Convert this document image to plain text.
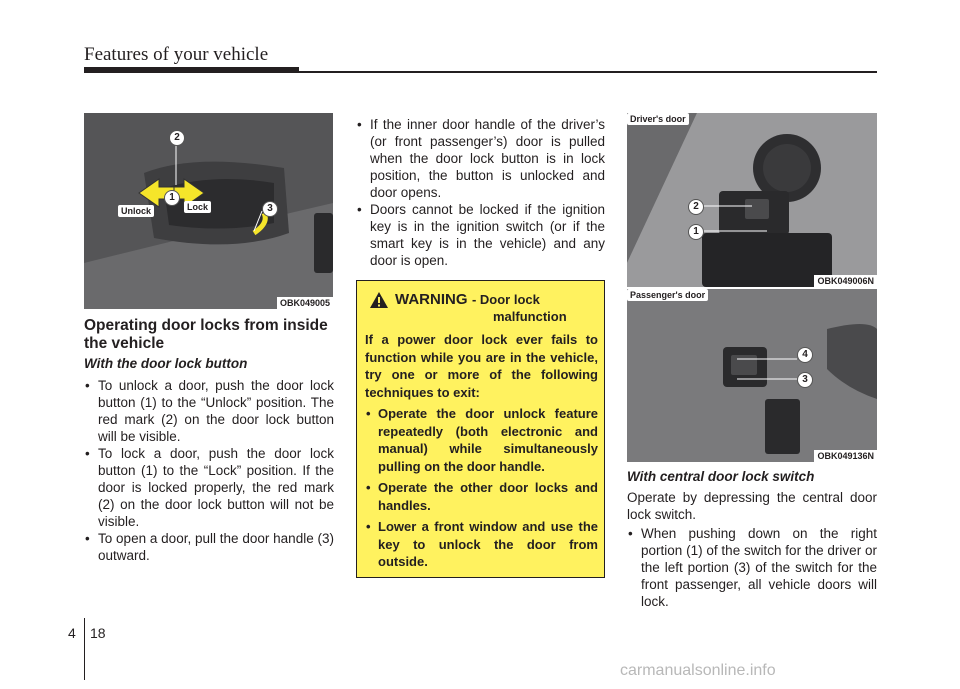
Features of your vehicle
2
1
3
Unlock	Lock
OBK049005
Operating door locks from inside the vehicle
With the door lock button
• To unlock a door, push the door lock button (1) to the “Unlock” position. The red mark (2) on the door lock button will be visible.
• To lock a door, push the door lock button (1) to the “Lock” position. If the door is locked properly, the red mark (2) on the door lock button will not be visible.
• To open a door, pull the door handle (3) outward.
• If the inner door handle of the driver’s (or front passenger’s) door is pulled when the door lock button is in lock position, the button is unlocked and door opens.
• Doors cannot be locked if the ignition key is in the ignition switch (or if the smart key is in the vehicle) and any door is open.
WARNING - Door lock
malfunction
If a power door lock ever fails to function while you are in the vehicle, try one or more of the following techniques to exit:
• Operate the door unlock feature repeatedly (both electronic and manual) while simultaneously pulling on the door handle.
• Operate the other door locks and handles.
• Lower a front window and use the key to unlock the door from outside.
Driver's door
2
1
OBK049006N
Passenger's door
4
3
OBK049136N
With central door lock switch
Operate by depressing the central door lock switch.
• When pushing down on the right portion (1) of the switch for the driver or the left portion (3) of the switch for the front passenger, all vehicle doors will lock.
4 18
carmanualsonline.info
